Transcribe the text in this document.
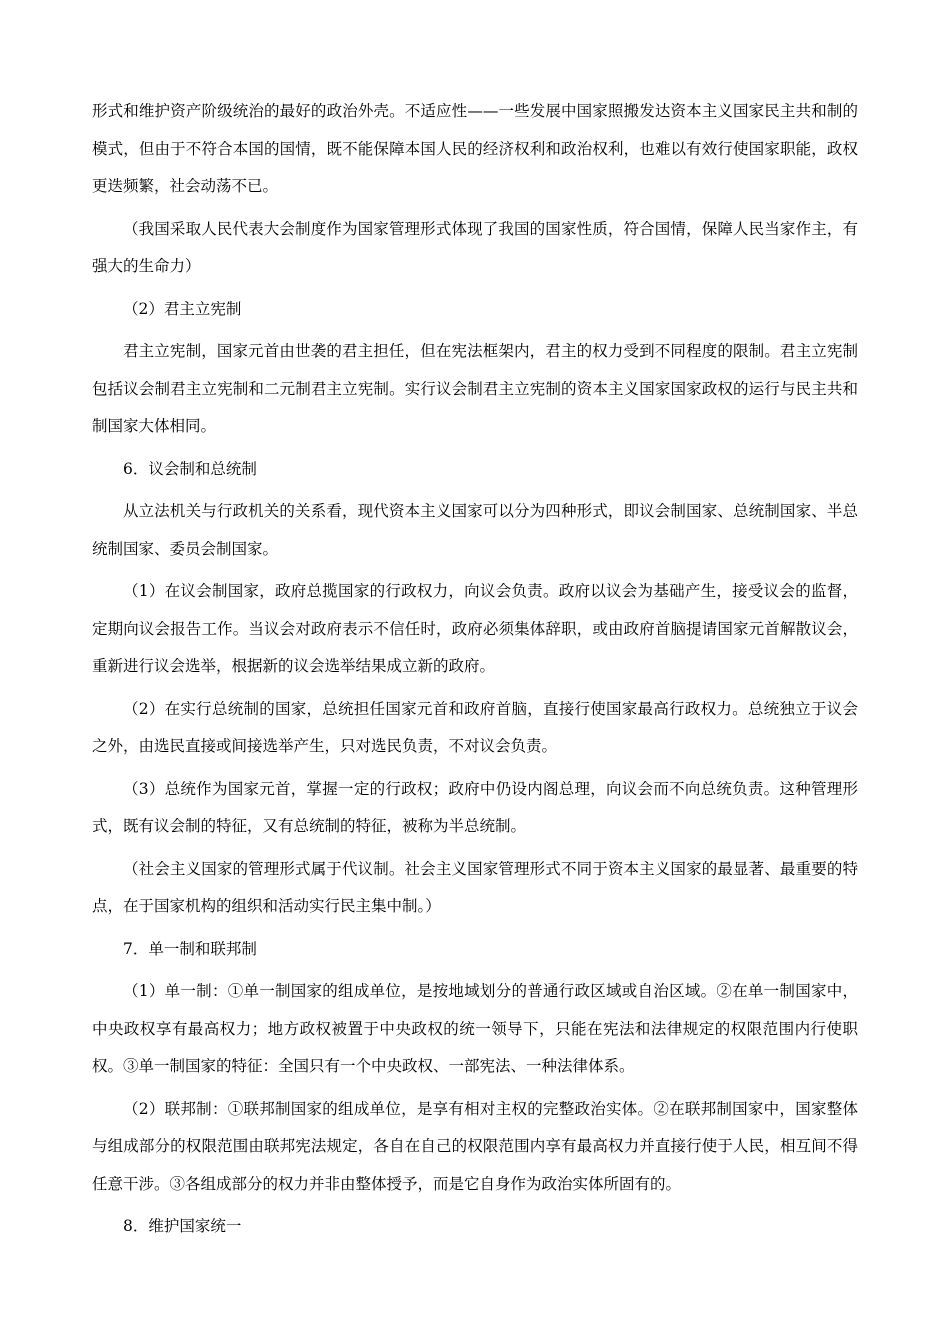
形式和维护资产阶级统治的最好的政治外壳。不适应性——一些发展中国家照搬发达资本主义国家民主共和制的模式，但由于不符合本国的国情，既不能保障本国人民的经济权利和政治权利，也难以有效行使国家职能，政权更迭频繁，社会动荡不已。

（我国采取人民代表大会制度作为国家管理形式体现了我国的国家性质，符合国情，保障人民当家作主，有强大的生命力）

（2）君主立宪制

君主立宪制，国家元首由世袭的君主担任，但在宪法框架内，君主的权力受到不同程度的限制。君主立宪制包括议会制君主立宪制和二元制君主立宪制。实行议会制君主立宪制的资本主义国家国家政权的运行与民主共和制国家大体相同。

6．议会制和总统制

从立法机关与行政机关的关系看，现代资本主义国家可以分为四种形式，即议会制国家、总统制国家、半总统制国家、委员会制国家。

（1）在议会制国家，政府总揽国家的行政权力，向议会负责。政府以议会为基础产生，接受议会的监督，定期向议会报告工作。当议会对政府表示不信任时，政府必须集体辞职，或由政府首脑提请国家元首解散议会，重新进行议会选举，根据新的议会选举结果成立新的政府。

（2）在实行总统制的国家，总统担任国家元首和政府首脑，直接行使国家最高行政权力。总统独立于议会之外，由选民直接或间接选举产生，只对选民负责，不对议会负责。

（3）总统作为国家元首，掌握一定的行政权；政府中仍设内阁总理，向议会而不向总统负责。这种管理形式，既有议会制的特征，又有总统制的特征，被称为半总统制。

（社会主义国家的管理形式属于代议制。社会主义国家管理形式不同于资本主义国家的最显著、最重要的特点，在于国家机构的组织和活动实行民主集中制。）

7．单一制和联邦制

（1）单一制：①单一制国家的组成单位，是按地域划分的普通行政区域或自治区域。②在单一制国家中，中央政权享有最高权力；地方政权被置于中央政权的统一领导下，只能在宪法和法律规定的权限范围内行使职权。③单一制国家的特征：全国只有一个中央政权、一部宪法、一种法律体系。

（2）联邦制：①联邦制国家的组成单位，是享有相对主权的完整政治实体。②在联邦制国家中，国家整体与组成部分的权限范围由联邦宪法规定，各自在自己的权限范围内享有最高权力并直接行使于人民，相互间不得任意干涉。③各组成部分的权力并非由整体授予，而是它自身作为政治实体所固有的。

8．维护国家统一
